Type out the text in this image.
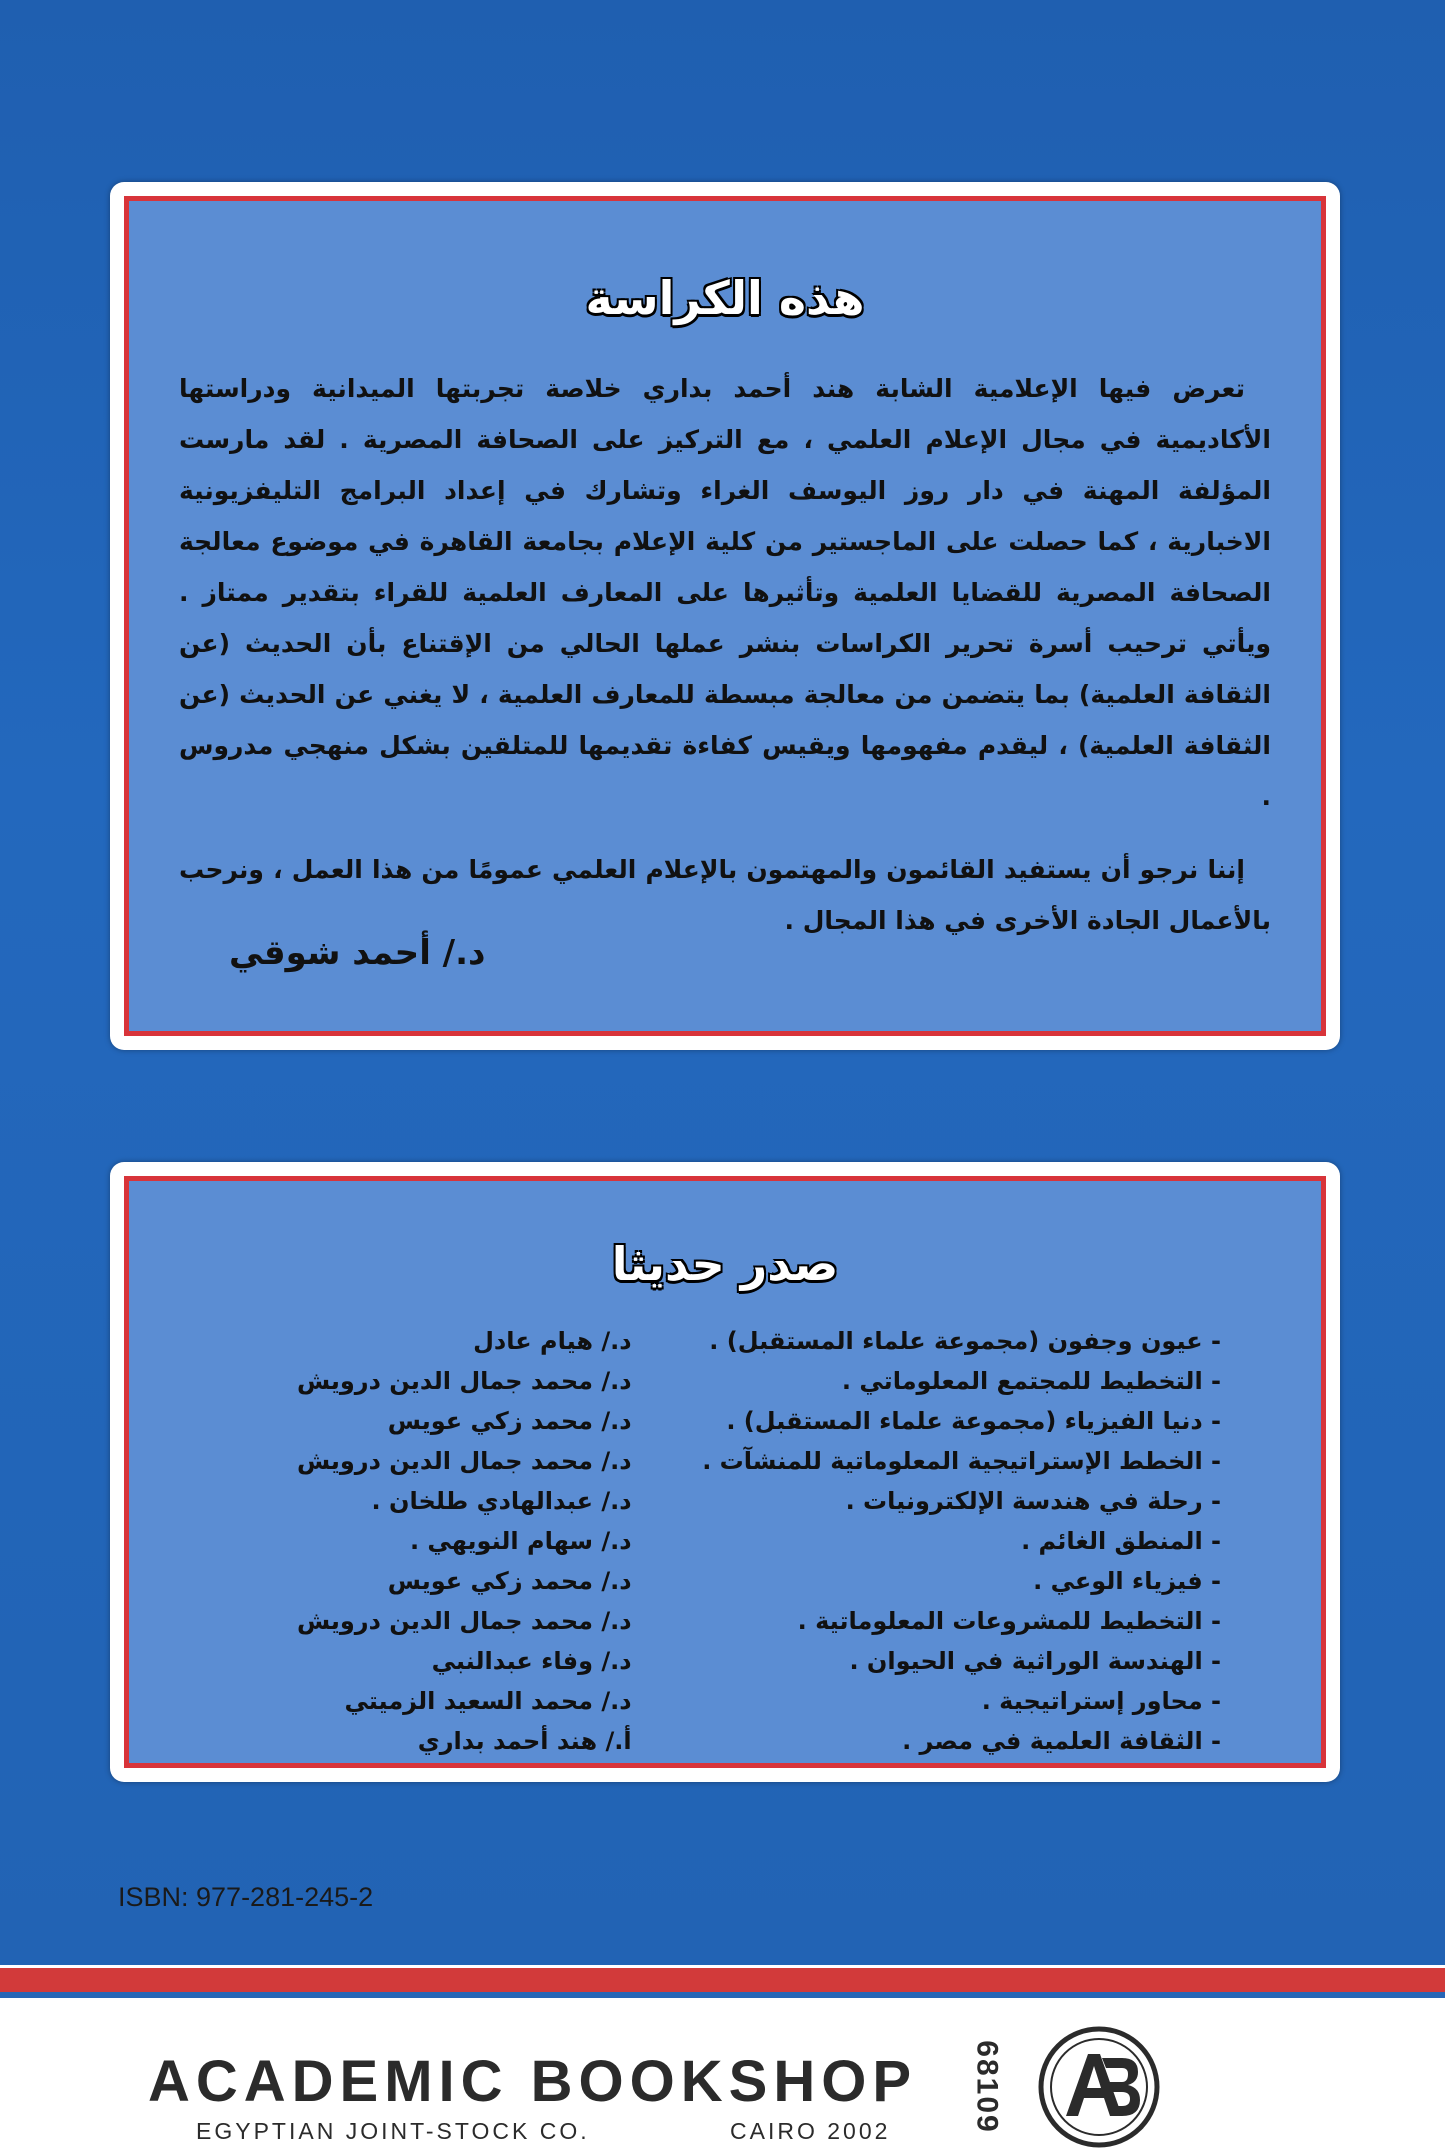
هذه الكراسة

تعرض فيها الإعلامية الشابة هند أحمد بداري خلاصة تجربتها الميدانية ودراستها الأكاديمية في مجال الإعلام العلمي ، مع التركيز على الصحافة المصرية . لقد مارست المؤلفة المهنة في دار روز اليوسف الغراء وتشارك في إعداد البرامج التليفزيونية الاخبارية ، كما حصلت على الماجستير من كلية الإعلام بجامعة القاهرة في موضوع معالجة الصحافة المصرية للقضايا العلمية وتأثيرها على المعارف العلمية للقراء بتقدير ممتاز . ويأتي ترحيب أسرة تحرير الكراسات بنشر عملها الحالي من الإقتناع بأن الحديث (عن الثقافة العلمية) بما يتضمن من معالجة مبسطة للمعارف العلمية ، لا يغني عن الحديث (عن الثقافة العلمية) ، ليقدم مفهومها ويقيس كفاءة تقديمها للمتلقين بشكل منهجي مدروس .

إننا نرجو أن يستفيد القائمون والمهتمون بالإعلام العلمي عمومًا من هذا العمل ، ونرحب بالأعمال الجادة الأخرى في هذا المجال .

د./ أحمد شوقي
صدر حديثا
- عيون وجفون (مجموعة علماء المستقبل) .
د./ هيام عادل
- التخطيط للمجتمع المعلوماتي .
د./ محمد جمال الدين درويش
- دنيا الفيزياء (مجموعة علماء المستقبل) .
د./ محمد زكي عويس
- الخطط الإستراتيجية المعلوماتية للمنشآت .
د./ محمد جمال الدين درويش
- رحلة في هندسة الإلكترونيات .
د./ عبدالهادي طلخان .
- المنطق الغائم .
د./ سهام النويهي .
- فيزياء الوعي .
د./ محمد زكي عويس
- التخطيط للمشروعات المعلوماتية .
د./ محمد جمال الدين درويش
- الهندسة الوراثية في الحيوان .
د./ وفاء عبدالنبي
- محاور إستراتيجية .
د./ محمد السعيد الزميتي
- الثقافة العلمية في مصر .
أ./ هند أحمد بداري
ISBN: 977-281-245-2
ACADEMIC BOOKSHOP
EGYPTIAN JOINT-STOCK CO.	CAIRO 2002	68109
